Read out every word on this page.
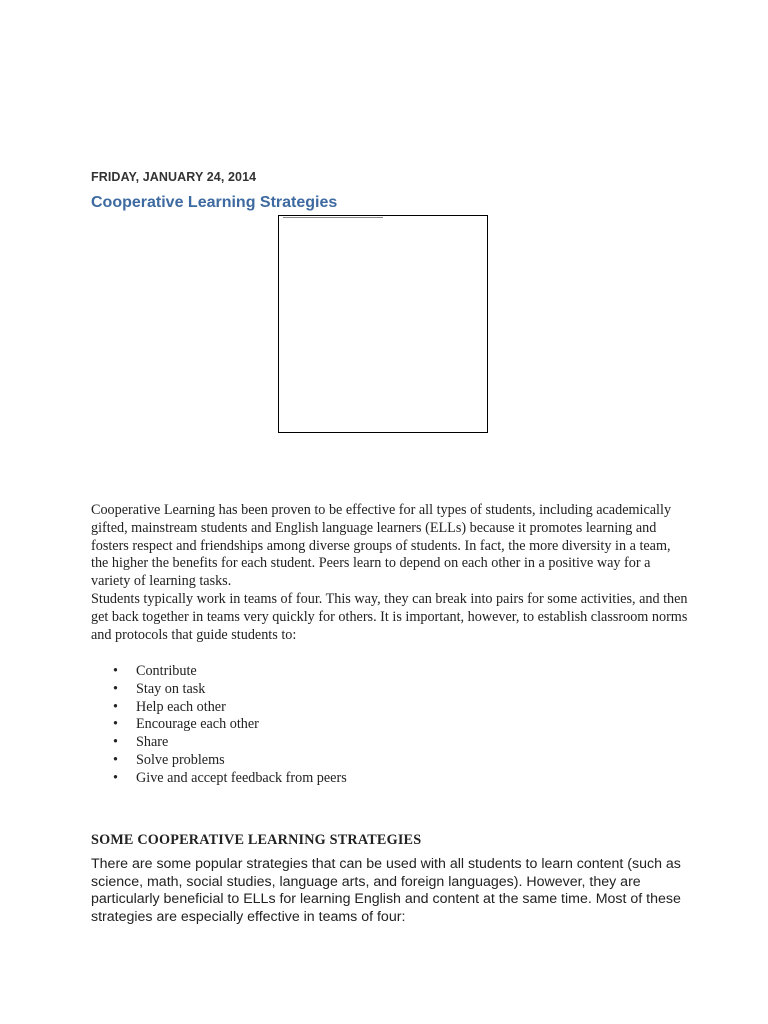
FRIDAY, JANUARY 24, 2014
Cooperative Learning Strategies

Cooperative Learning has been proven to be effective for all types of students, including academically gifted, mainstream students and English language learners (ELLs) because it promotes learning and fosters respect and friendships among diverse groups of students. In fact, the more diversity in a team, the higher the benefits for each student. Peers learn to depend on each other in a positive way for a variety of learning tasks.

Students typically work in teams of four. This way, they can break into pairs for some activities, and then get back together in teams very quickly for others. It is important, however, to establish classroom norms and protocols that guide students to:

• Contribute
• Stay on task
• Help each other
• Encourage each other
• Share
• Solve problems
• Give and accept feedback from peers
SOME COOPERATIVE LEARNING STRATEGIES

There are some popular strategies that can be used with all students to learn content (such as science, math, social studies, language arts, and foreign languages). However, they are particularly beneficial to ELLs for learning English and content at the same time. Most of these strategies are especially effective in teams of four:
